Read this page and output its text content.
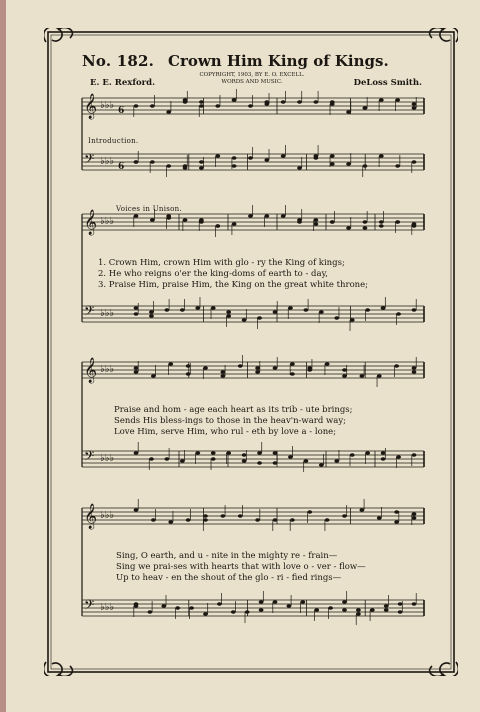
No. 182. Crown Him King of Kings.
E. E. Rexford.
COPYRIGHT, 1903, BY E. O. EXCELL.
WORDS AND MUSIC.	DeLoss Smith.
Introduction.
Voices in Unison.
𝄞 ♭♭♭ 6
𝄢 ♭♭♭ 6
𝄞 ♭♭♭
𝄢 ♭♭♭
𝄞 ♭♭♭
𝄢 ♭♭♭
𝄞 ♭♭♭
𝄢 ♭♭♭
1. Crown Him, crown Him with glo - ry the King of kings;
2. He who reigns o'er the king-doms of earth to - day,
3. Praise Him, praise Him, the King on the great white throne;
Praise and hom - age each heart as its trib - ute brings;
Sends His bless-ings to those in the heav'n-ward way;
Love Him, serve Him, who rul - eth by love a - lone;
Sing, O earth, and u - nite in the mighty re - frain—
Sing we prai-ses with hearts that with love o - ver - flow—
Up to heav - en the shout of the glo - ri - fied rings—
